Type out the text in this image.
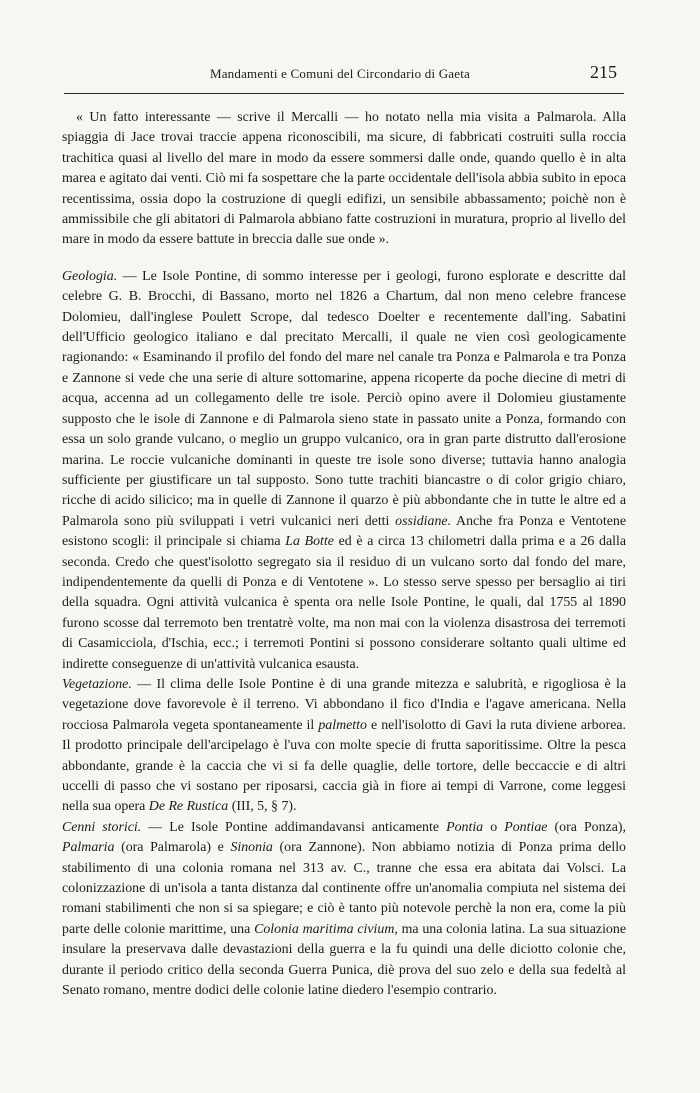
Mandamenti e Comuni del Circondario di Gaeta	215

« Un fatto interessante — scrive il Mercalli — ho notato nella mia visita a Palmarola. Alla spiaggia di Jace trovai traccie appena riconoscibili, ma sicure, di fabbricati costruiti sulla roccia trachitica quasi al livello del mare in modo da essere sommersi dalle onde, quando quello è in alta marea e agitato dai venti. Ciò mi fa sospettare che la parte occidentale dell'isola abbia subito in epoca recentissima, ossia dopo la costruzione di quegli edifizi, un sensibile abbassamento; poichè non è ammissibile che gli abitatori di Palmarola abbiano fatte costruzioni in muratura, proprio al livello del mare in modo da essere battute in breccia dalle sue onde ».

Geologia. — Le Isole Pontine, di sommo interesse per i geologi, furono esplorate e descritte dal celebre G. B. Brocchi, di Bassano, morto nel 1826 a Chartum, dal non meno celebre francese Dolomieu, dall'inglese Poulett Scrope, dal tedesco Doelter e recentemente dall'ing. Sabatini dell'Ufficio geologico italiano e dal precitato Mercalli, il quale ne vien così geologicamente ragionando: « Esaminando il profilo del fondo del mare nel canale tra Ponza e Palmarola e tra Ponza e Zannone si vede che una serie di alture sottomarine, appena ricoperte da poche diecine di metri di acqua, accenna ad un collegamento delle tre isole. Perciò opino avere il Dolomieu giustamente supposto che le isole di Zannone e di Palmarola sieno state in passato unite a Ponza, formando con essa un solo grande vulcano, o meglio un gruppo vulcanico, ora in gran parte distrutto dall'erosione marina. Le roccie vulcaniche dominanti in queste tre isole sono diverse; tuttavia hanno analogia sufficiente per giustificare un tal supposto. Sono tutte trachiti biancastre o di color grigio chiaro, ricche di acido silicico; ma in quelle di Zannone il quarzo è più abbondante che in tutte le altre ed a Palmarola sono più sviluppati i vetri vulcanici neri detti ossidiane. Anche fra Ponza e Ventotene esistono scogli: il principale si chiama La Botte ed è a circa 13 chilometri dalla prima e a 26 dalla seconda. Credo che quest'isolotto segregato sia il residuo di un vulcano sorto dal fondo del mare, indipendentemente da quelli di Ponza e di Ventotene ». Lo stesso serve spesso per bersaglio ai tiri della squadra. Ogni attività vulcanica è spenta ora nelle Isole Pontine, le quali, dal 1755 al 1890 furono scosse dal terremoto ben trentatrè volte, ma non mai con la violenza disastrosa dei terremoti di Casamicciola, d'Ischia, ecc.; i terremoti Pontini si possono considerare soltanto quali ultime ed indirette conseguenze di un'attività vulcanica esausta.

Vegetazione. — Il clima delle Isole Pontine è di una grande mitezza e salubrità, e rigogliosa è la vegetazione dove favorevole è il terreno. Vi abbondano il fico d'India e l'agave americana. Nella rocciosa Palmarola vegeta spontaneamente il palmetto e nell'isolotto di Gavi la ruta diviene arborea. Il prodotto principale dell'arcipelago è l'uva con molte specie di frutta saporitissime. Oltre la pesca abbondante, grande è la caccia che vi si fa delle quaglie, delle tortore, delle beccaccie e di altri uccelli di passo che vi sostano per riposarsi, caccia già in fiore ai tempi di Varrone, come leggesi nella sua opera De Re Rustica (III, 5, § 7).

Cenni storici. — Le Isole Pontine addimandavansi anticamente Pontia o Pontiae (ora Ponza), Palmaria (ora Palmarola) e Sinonia (ora Zannone). Non abbiamo notizia di Ponza prima dello stabilimento di una colonia romana nel 313 av. C., tranne che essa era abitata dai Volsci. La colonizzazione di un'isola a tanta distanza dal continente offre un'anomalia compiuta nel sistema dei romani stabilimenti che non si sa spiegare; e ciò è tanto più notevole perchè la non era, come la più parte delle colonie marittime, una Colonia maritima civium, ma una colonia latina. La sua situazione insulare la preservava dalle devastazioni della guerra e la fu quindi una delle diciotto colonie che, durante il periodo critico della seconda Guerra Punica, diè prova del suo zelo e della sua fedeltà al Senato romano, mentre dodici delle colonie latine diedero l'esempio contrario.
